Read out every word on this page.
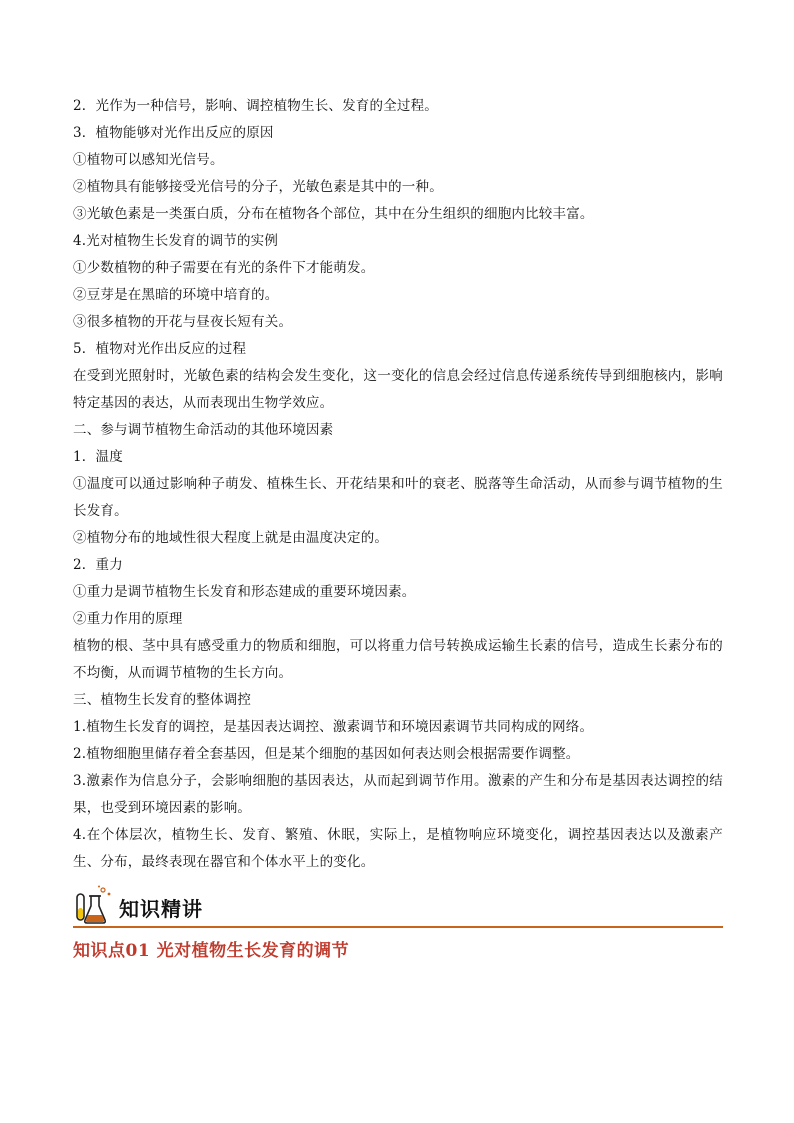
2．光作为一种信号，影响、调控植物生长、发育的全过程。
3．植物能够对光作出反应的原因
①植物可以感知光信号。
②植物具有能够接受光信号的分子，光敏色素是其中的一种。
③光敏色素是一类蛋白质，分布在植物各个部位，其中在分生组织的细胞内比较丰富。
4.光对植物生长发育的调节的实例
①少数植物的种子需要在有光的条件下才能萌发。
②豆芽是在黑暗的环境中培育的。
③很多植物的开花与昼夜长短有关。
5．植物对光作出反应的过程
在受到光照射时，光敏色素的结构会发生变化，这一变化的信息会经过信息传递系统传导到细胞核内，影响特定基因的表达，从而表现出生物学效应。
二、参与调节植物生命活动的其他环境因素
1．温度
①温度可以通过影响种子萌发、植株生长、开花结果和叶的衰老、脱落等生命活动，从而参与调节植物的生长发育。
②植物分布的地域性很大程度上就是由温度决定的。
2．重力
①重力是调节植物生长发育和形态建成的重要环境因素。
②重力作用的原理
植物的根、茎中具有感受重力的物质和细胞，可以将重力信号转换成运输生长素的信号，造成生长素分布的不均衡，从而调节植物的生长方向。
三、植物生长发育的整体调控
1.植物生长发育的调控，是基因表达调控、激素调节和环境因素调节共同构成的网络。
2.植物细胞里储存着全套基因，但是某个细胞的基因如何表达则会根据需要作调整。
3.激素作为信息分子，会影响细胞的基因表达，从而起到调节作用。激素的产生和分布是基因表达调控的结果，也受到环境因素的影响。
4.在个体层次，植物生长、发育、繁殖、休眠，实际上，是植物响应环境变化，调控基因表达以及激素产生、分布，最终表现在器官和个体水平上的变化。
知识精讲
知识点01 光对植物生长发育的调节
